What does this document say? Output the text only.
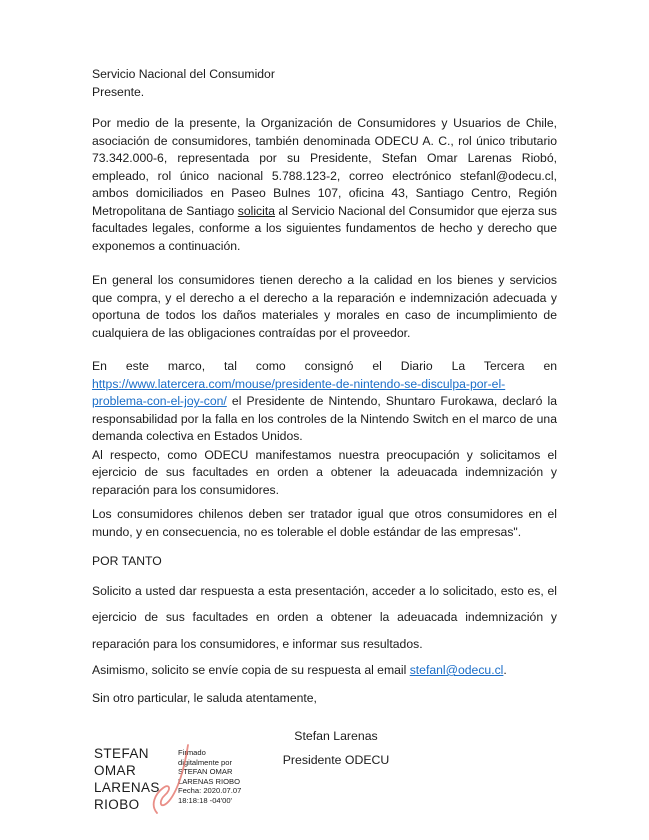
Servicio Nacional del Consumidor
Presente.

Por medio de la presente, la Organización de Consumidores y Usuarios de Chile, asociación de consumidores, también denominada ODECU A. C., rol único tributario 73.342.000-6, representada por su Presidente, Stefan Omar Larenas Riobó, empleado, rol único nacional 5.788.123-2, correo electrónico stefanl@odecu.cl, ambos domiciliados en Paseo Bulnes 107, oficina 43, Santiago Centro, Región Metropolitana de Santiago solicita al Servicio Nacional del Consumidor que ejerza sus facultades legales, conforme a los siguientes fundamentos de hecho y derecho que exponemos a continuación.

En general los consumidores tienen derecho a la calidad en los bienes y servicios que compra, y el derecho a el derecho a la reparación e indemnización adecuada y oportuna de todos los daños materiales y morales en caso de incumplimiento de cualquiera de las obligaciones contraídas por el proveedor.

En este marco, tal como consignó el Diario La Tercera en https://www.latercera.com/mouse/presidente-de-nintendo-se-disculpa-por-el-problema-con-el-joy-con/ el Presidente de Nintendo, Shuntaro Furokawa, declaró la responsabilidad por la falla en los controles de la Nintendo Switch en el marco de una demanda colectiva en Estados Unidos.

Al respecto, como ODECU manifestamos nuestra preocupación y solicitamos el ejercicio de sus facultades en orden a obtener la adeuacada indemnización y reparación para los consumidores.

Los consumidores chilenos deben ser tratador igual que otros consumidores en el mundo, y en consecuencia, no es tolerable el doble estándar de las empresas".

POR TANTO

Solicito a usted dar respuesta a esta presentación, acceder a lo solicitado, esto es, el ejercicio de sus facultades en orden a obtener la adeuacada indemnización y reparación para los consumidores, e informar sus resultados.

Asimismo, solicito se envíe copia de su respuesta al email stefanl@odecu.cl.

Sin otro particular, le saluda atentamente,

Stefan Larenas
Presidente ODECU
STEFAN
OMAR
LARENAS
RIOBO
Firmado
digitalmente por
STEFAN OMAR
LARENAS RIOBO
Fecha: 2020.07.07
18:18:18 -04'00'
